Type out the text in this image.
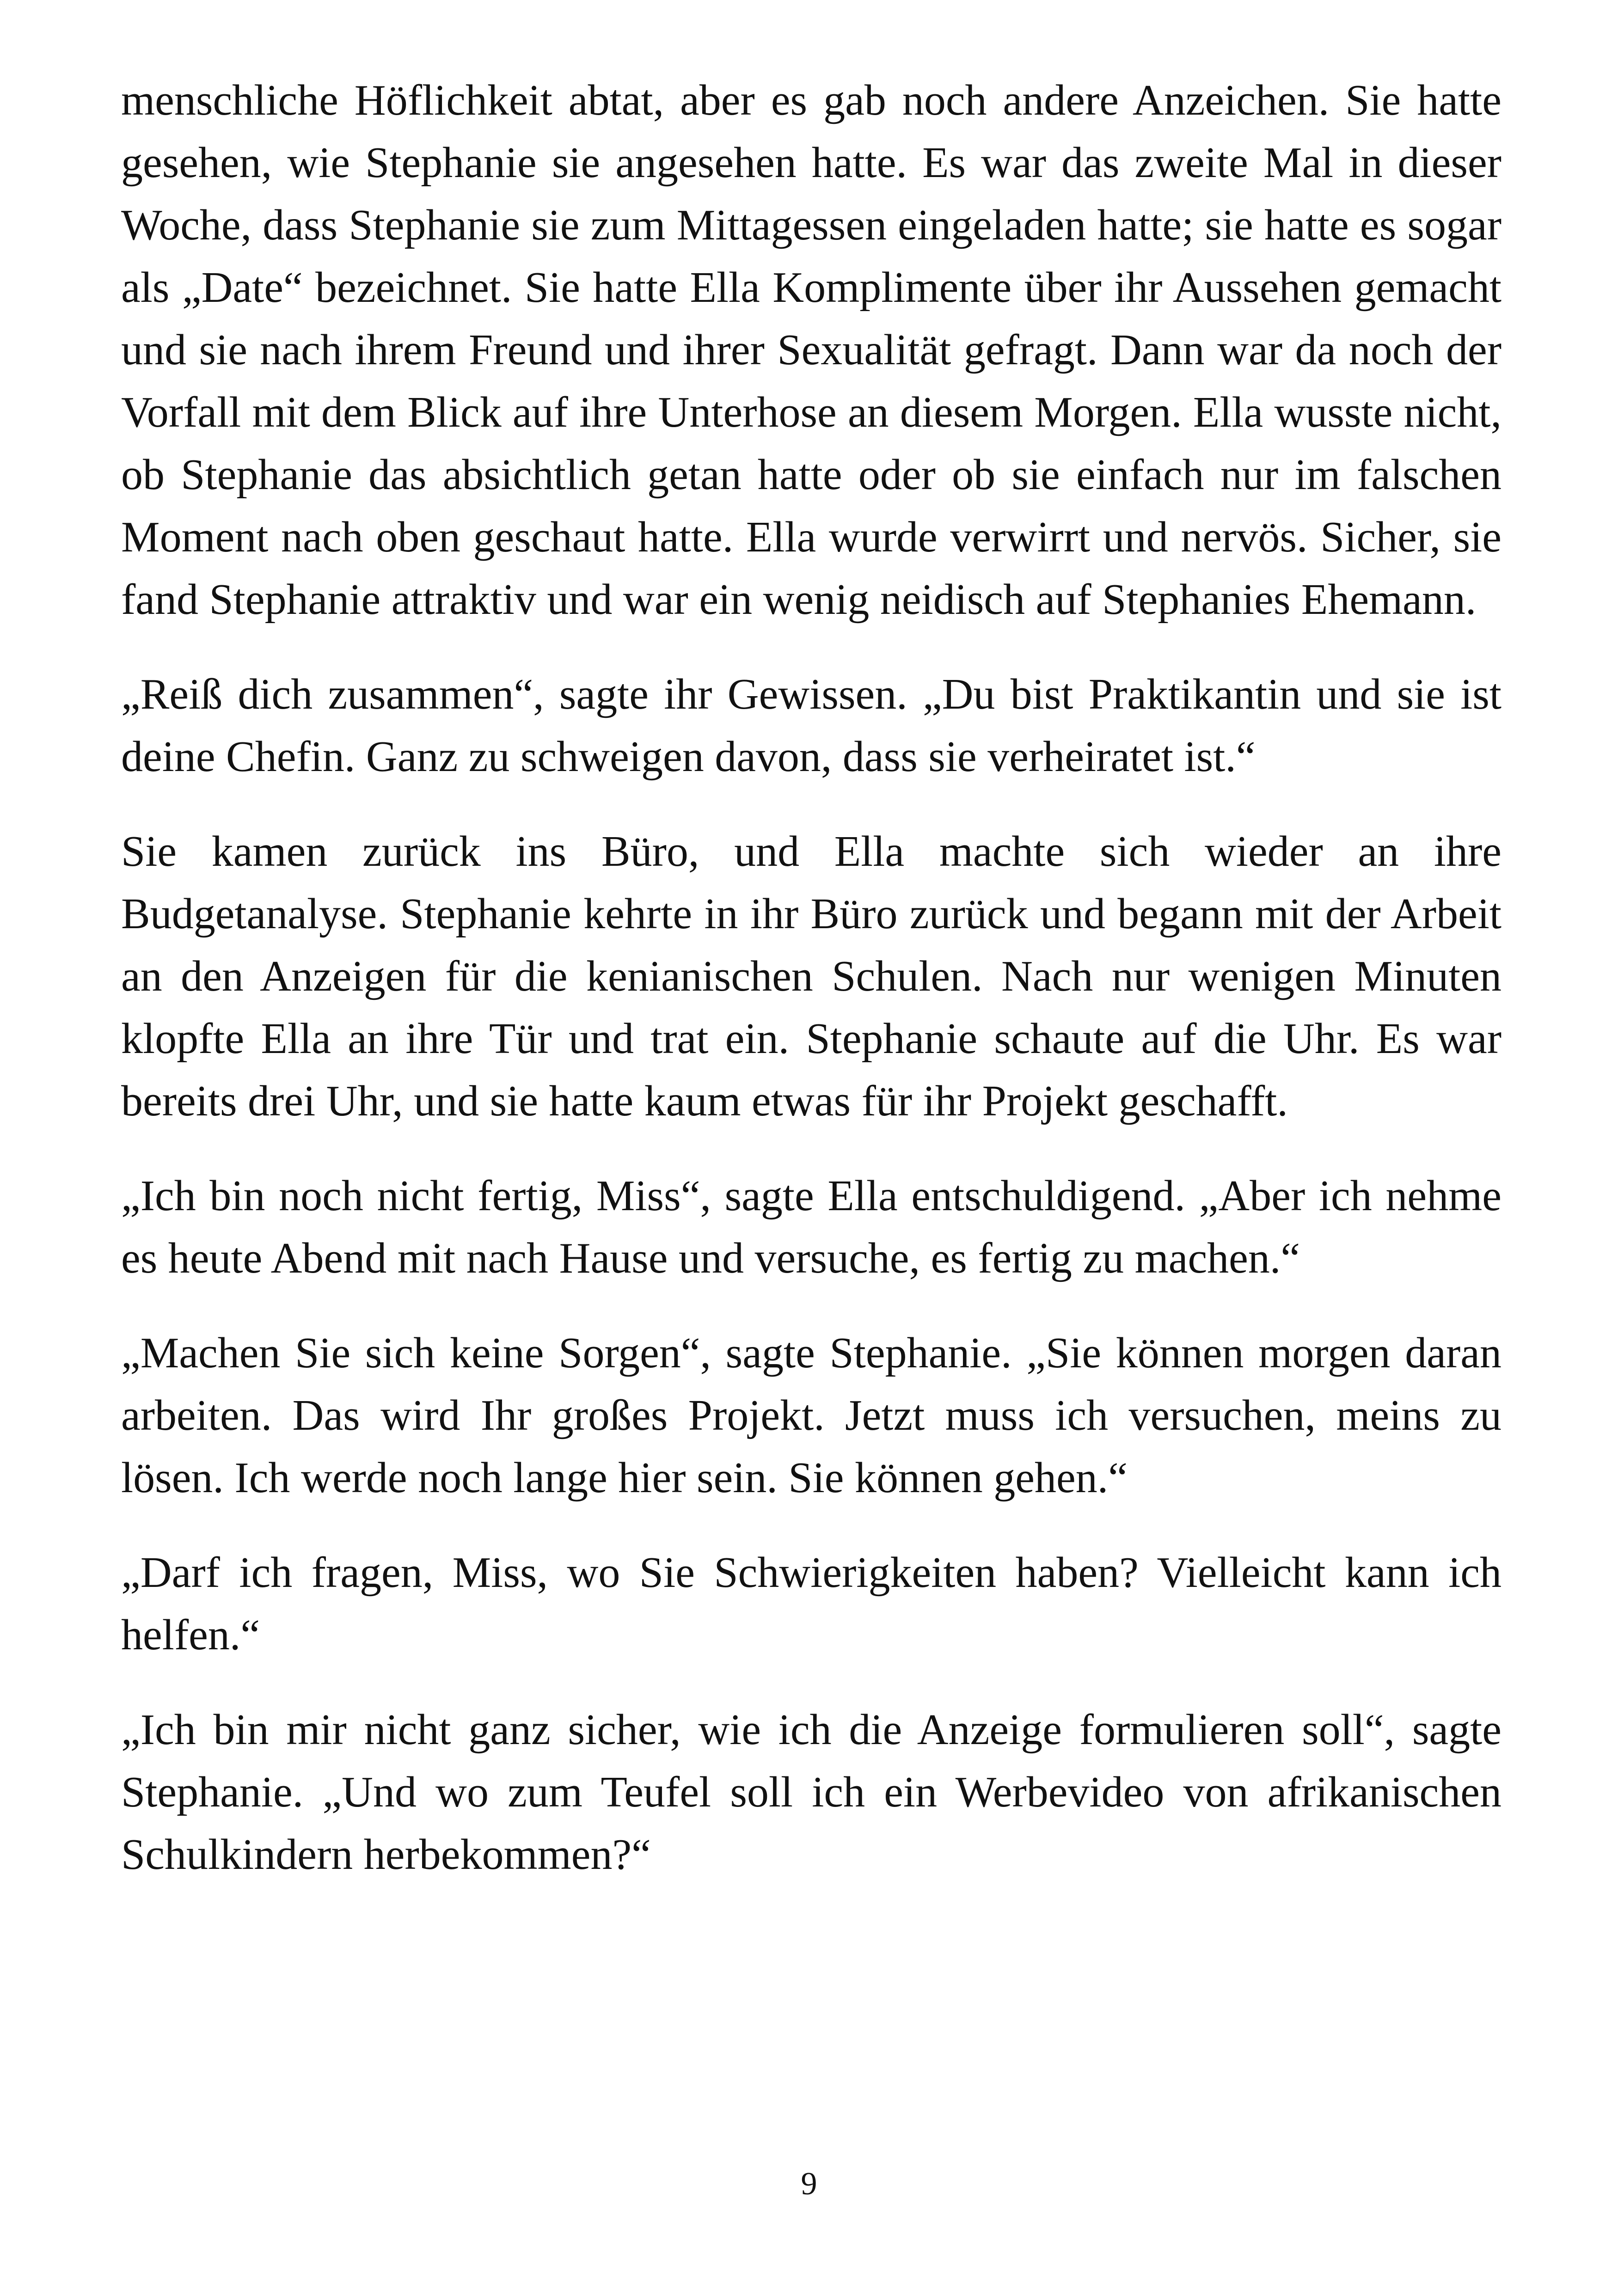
menschliche Höflichkeit abtat, aber es gab noch andere Anzeichen. Sie hatte gesehen, wie Stephanie sie angesehen hatte. Es war das zweite Mal in dieser Woche, dass Stephanie sie zum Mittagessen eingeladen hatte; sie hatte es sogar als „Date“ bezeichnet. Sie hatte Ella Komplimente über ihr Aussehen gemacht und sie nach ihrem Freund und ihrer Sexualität gefragt. Dann war da noch der Vorfall mit dem Blick auf ihre Unterhose an diesem Morgen. Ella wusste nicht, ob Stephanie das absichtlich getan hatte oder ob sie einfach nur im falschen Moment nach oben geschaut hatte. Ella wurde verwirrt und nervös. Sicher, sie fand Stephanie attraktiv und war ein wenig neidisch auf Stephanies Ehemann.

„Reiß dich zusammen“, sagte ihr Gewissen. „Du bist Praktikantin und sie ist deine Chefin. Ganz zu schweigen davon, dass sie verheiratet ist.“

Sie kamen zurück ins Büro, und Ella machte sich wieder an ihre Budgetanalyse. Stephanie kehrte in ihr Büro zurück und begann mit der Arbeit an den Anzeigen für die kenianischen Schulen. Nach nur wenigen Minuten klopfte Ella an ihre Tür und trat ein. Stephanie schaute auf die Uhr. Es war bereits drei Uhr, und sie hatte kaum etwas für ihr Projekt geschafft.

„Ich bin noch nicht fertig, Miss“, sagte Ella entschuldigend. „Aber ich nehme es heute Abend mit nach Hause und versuche, es fertig zu machen.“

„Machen Sie sich keine Sorgen“, sagte Stephanie. „Sie können morgen daran arbeiten. Das wird Ihr großes Projekt. Jetzt muss ich versuchen, meins zu lösen. Ich werde noch lange hier sein. Sie können gehen.“

„Darf ich fragen, Miss, wo Sie Schwierigkeiten haben? Vielleicht kann ich helfen.“

„Ich bin mir nicht ganz sicher, wie ich die Anzeige formulieren soll“, sagte Stephanie. „Und wo zum Teufel soll ich ein Werbevideo von afrikanischen Schulkindern herbekommen?“

9
